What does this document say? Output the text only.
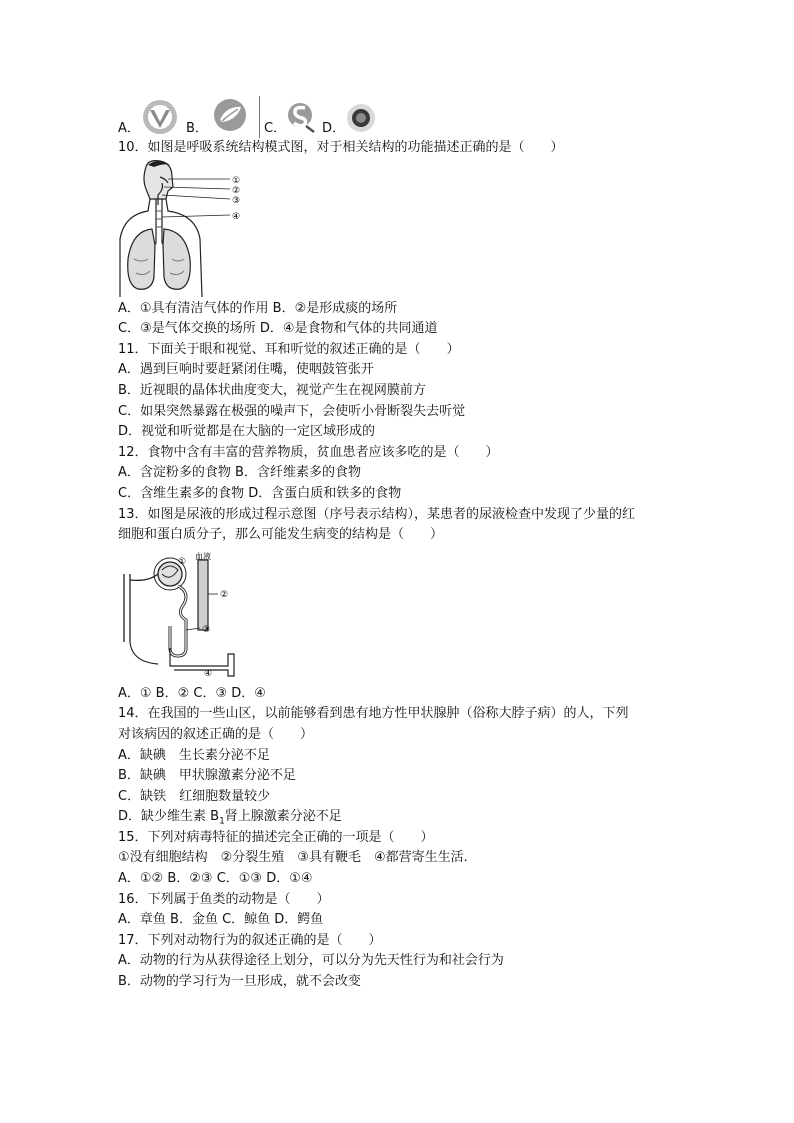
A．	B．	C．	D．
10．如图是呼吸系统结构模式图，对于相关结构的功能描述正确的是（　　）
①
②
③
④
A．①具有清洁气体的作用 B．②是形成痰的场所
C．③是气体交换的场所 D．④是食物和气体的共同通道
11．下面关于眼和视觉、耳和听觉的叙述正确的是（　　）
A．遇到巨响时要赶紧闭住嘴，使咽鼓管张开
B．近视眼的晶体状曲度变大，视觉产生在视网膜前方
C．如果突然暴露在极强的噪声下，会使听小骨断裂失去听觉
D．视觉和听觉都是在大脑的一定区域形成的
12．食物中含有丰富的营养物质，贫血患者应该多吃的是（　　）
A．含淀粉多的食物 B．含纤维素多的食物
C．含维生素多的食物 D．含蛋白质和铁多的食物
13．如图是尿液的形成过程示意图（序号表示结构），某患者的尿液检查中发现了少量的红
细胞和蛋白质分子，那么可能发生病变的结构是（　　）
血液
①
②
③
④
A．① B．② C．③ D．④
14．在我国的一些山区，以前能够看到患有地方性甲状腺肿（俗称大脖子病）的人，下列
对该病因的叙述正确的是（　　）
A．缺碘　生长素分泌不足
B．缺碘　甲状腺激素分泌不足
C．缺铁　红细胞数量较少
D．缺少维生素 $B_1$肾上腺激素分泌不足
15．下列对病毒特征的描述完全正确的一项是（　　）
①没有细胞结构　②分裂生殖　③具有鞭毛　④都营寄生生活．
A．①② B．②③ C．①③ D．①④
16．下列属于鱼类的动物是（　　）
A．章鱼 B．金鱼 C．鲸鱼 D．鳄鱼
17．下列对动物行为的叙述正确的是（　　）
A．动物的行为从获得途径上划分，可以分为先天性行为和社会行为
B．动物的学习行为一旦形成，就不会改变
